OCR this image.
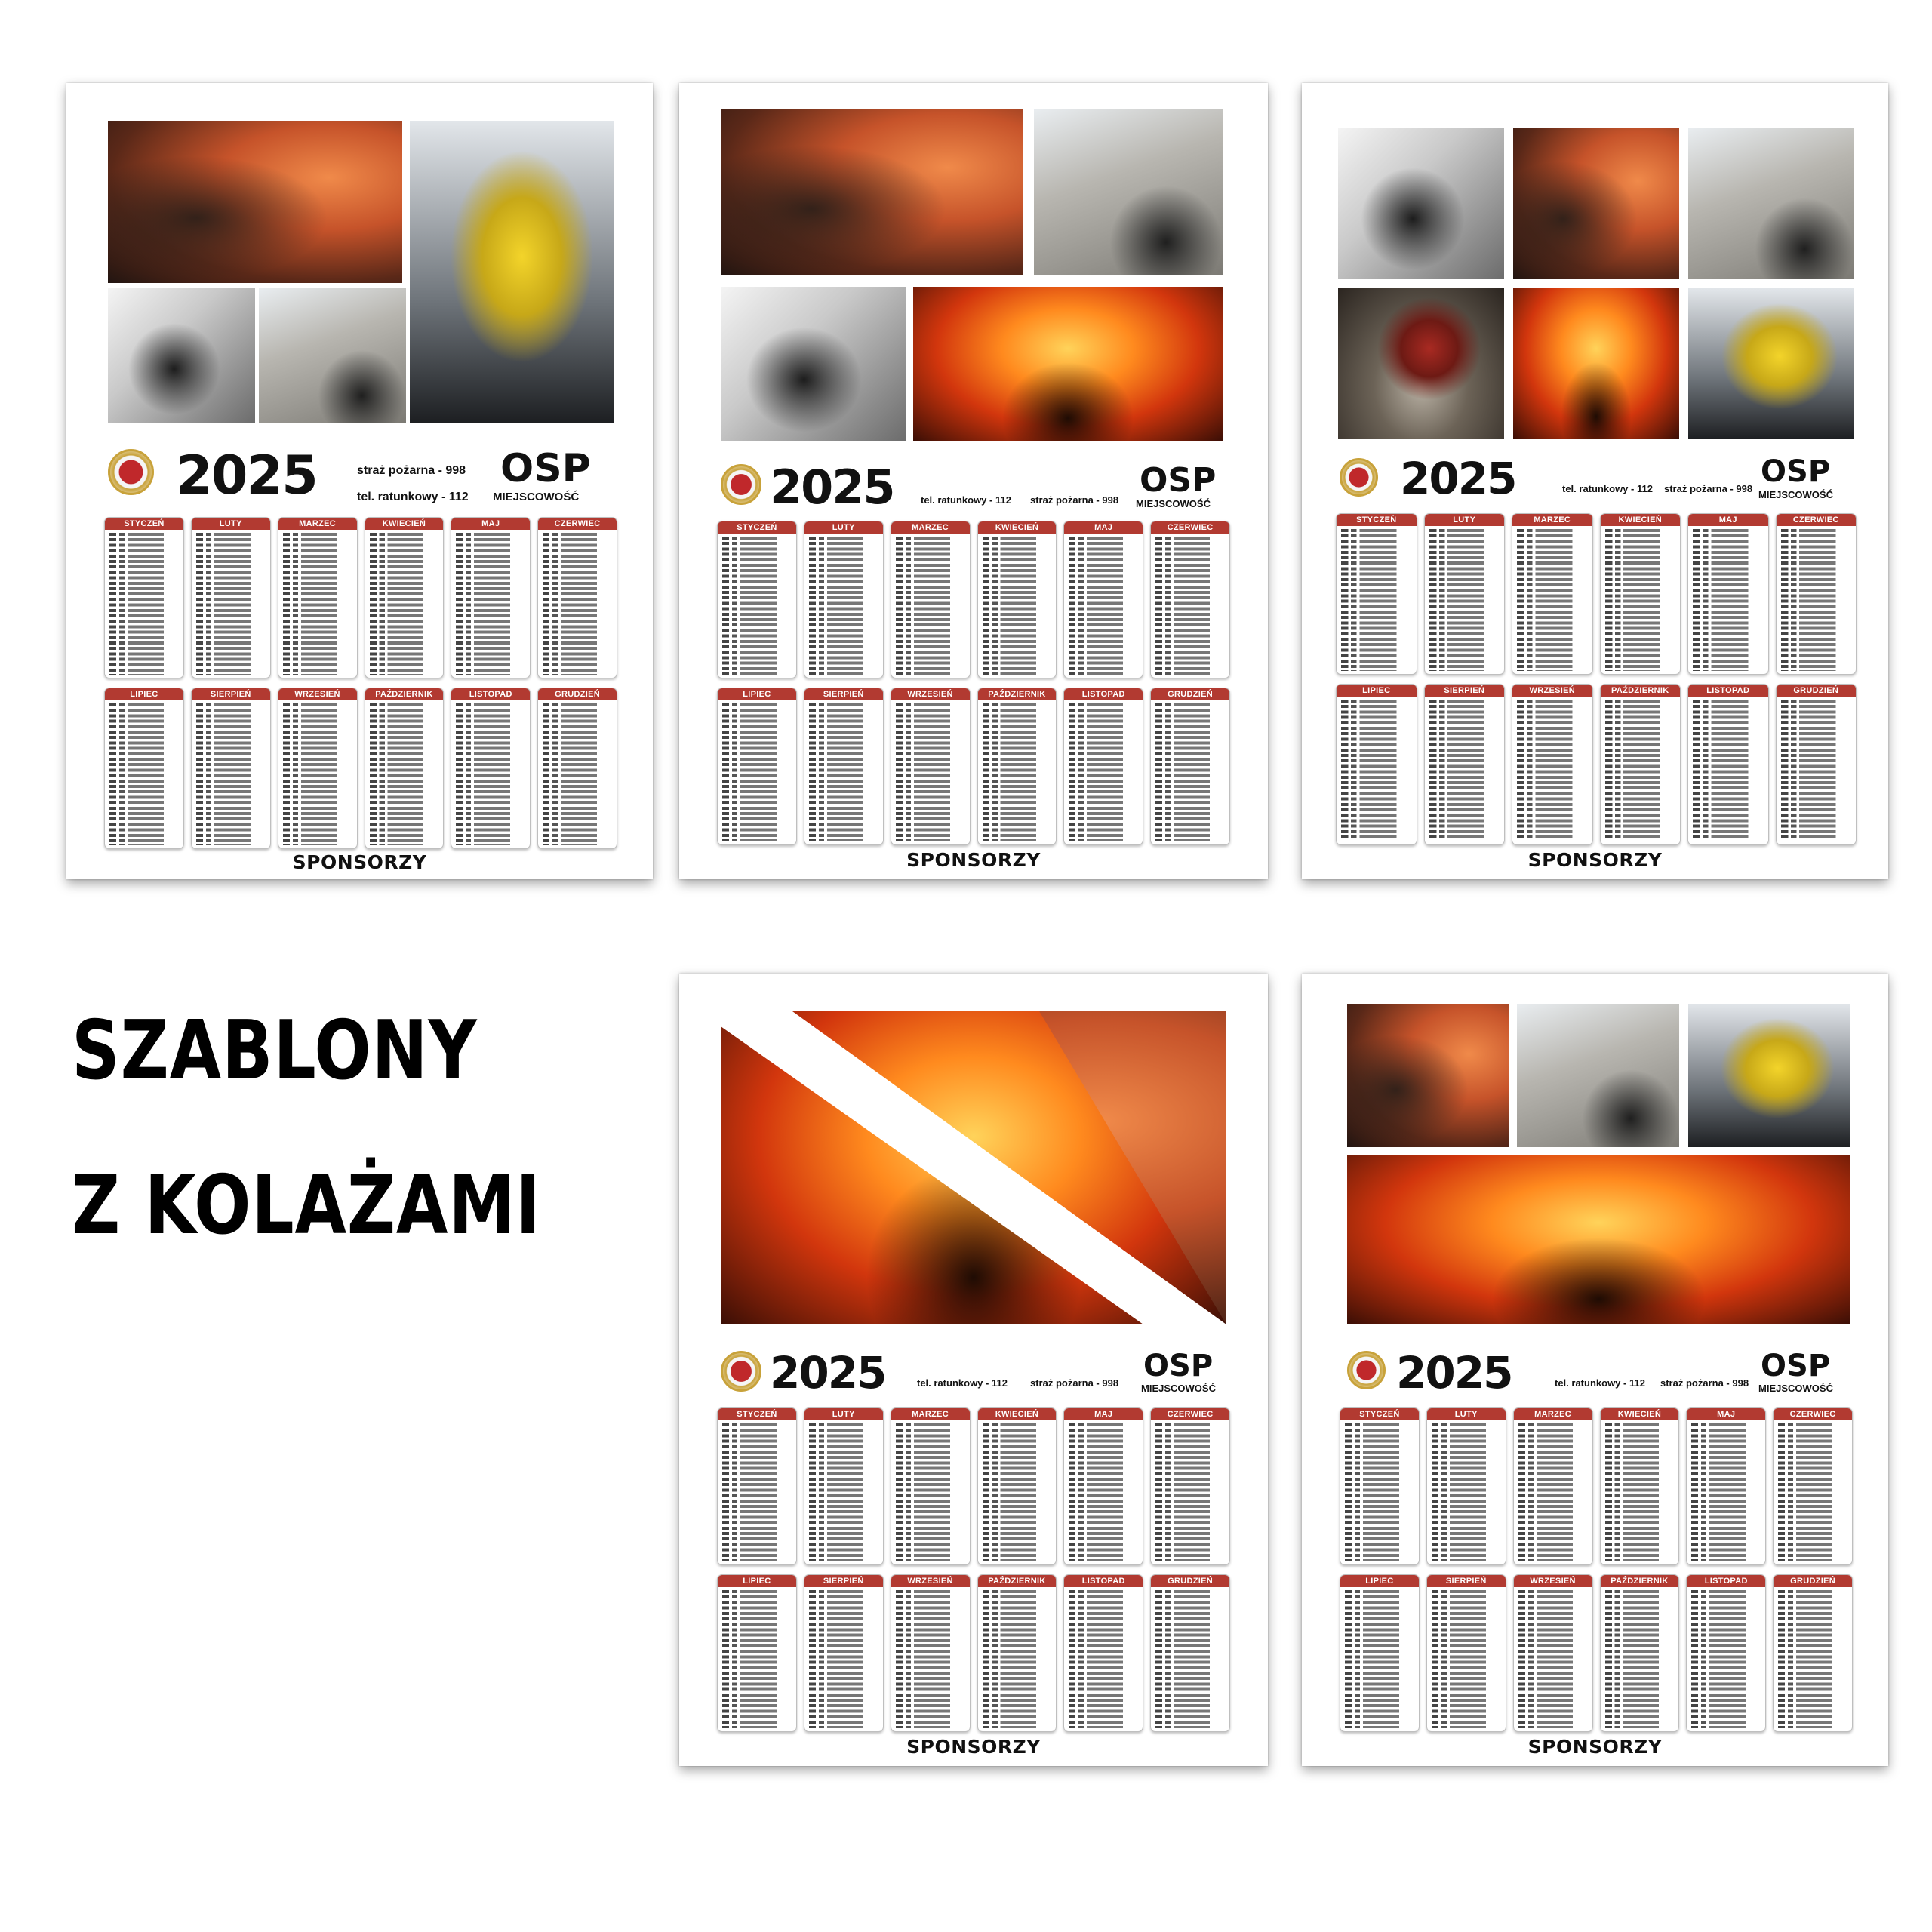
SZABLONY
Z KOLAŻAMI
2025	straż pożarna - 998
tel. ratunkowy - 112
OSP
MIEJSCOWOŚĆ
STYCZEŃ	LUTY	MARZEC	KWIECIEŃ	MAJ	CZERWIEC
LIPIEC	SIERPIEŃ	WRZESIEŃ	PAŹDZIERNIK	LISTOPAD	GRUDZIEŃ
SPONSORZY
2025	tel. ratunkowy - 112 straż pożarna - 998
OSP
MIEJSCOWOŚĆ
STYCZEŃ	LUTY	MARZEC	KWIECIEŃ	MAJ	CZERWIEC
LIPIEC	SIERPIEŃ	WRZESIEŃ	PAŹDZIERNIK	LISTOPAD	GRUDZIEŃ
SPONSORZY
2025	tel. ratunkowy - 112 straż pożarna - 998 OSP
MIEJSCOWOŚĆ
STYCZEŃ	LUTY	MARZEC	KWIECIEŃ	MAJ	CZERWIEC
LIPIEC	SIERPIEŃ	WRZESIEŃ	PAŹDZIERNIK	LISTOPAD	GRUDZIEŃ
SPONSORZY
2025	tel. ratunkowy - 112 straż pożarna - 998 OSP
MIEJSCOWOŚĆ
STYCZEŃ	LUTY	MARZEC	KWIECIEŃ	MAJ	CZERWIEC
LIPIEC	SIERPIEŃ	WRZESIEŃ	PAŹDZIERNIK	LISTOPAD	GRUDZIEŃ
SPONSORZY
2025	tel. ratunkowy - 112 straż pożarna - 998 OSP
MIEJSCOWOŚĆ
STYCZEŃ	LUTY	MARZEC	KWIECIEŃ	MAJ	CZERWIEC
LIPIEC	SIERPIEŃ	WRZESIEŃ	PAŹDZIERNIK	LISTOPAD	GRUDZIEŃ
SPONSORZY
